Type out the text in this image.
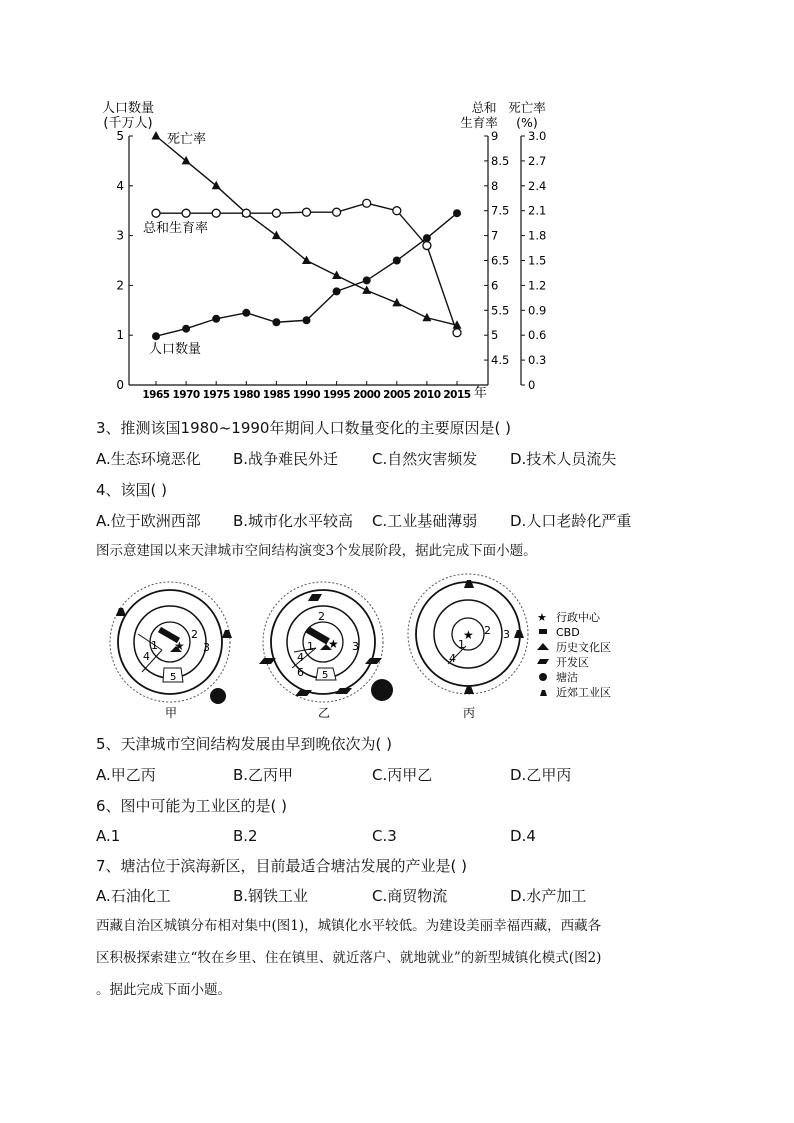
0
1
2
3
4
5
4.5
5
5.5
6
6.5
7
7.5
8
8.5
9
0
0.3
0.6
0.9
1.2
1.5
1.8
2.1
2.4
2.7
3.0
1965 1970 1975 1980 1985 1990 1995 2000 2005 2010 2015 年
人口数量
(千万人)
总和
生育率
死亡率
(%)
死亡率
总和生育率
人口数量
3、推测该国1980~1990年期间人口数量变化的主要原因是( )
A.生态环境恶化 B.战争难民外迁 C.自然灾害频发 D.技术人员流失
4、该国( )
A.位于欧洲西部 B.城市化水平较高 C.工业基础薄弱 D.人口老龄化严重
图示意建国以来天津城市空间结构演变3个发展阶段，据此完成下面小题。
★
1
2
3
4
5
甲
★
2
1	3
4
6 5
乙
★
1
2 3
4
丙
★ 行政中心
CBD
历史文化区
开发区
塘沽
近郊工业区
5、天津城市空间结构发展由早到晚依次为( )
A.甲乙丙	B.乙丙甲	C.丙甲乙	D.乙甲丙
6、图中可能为工业区的是( )
A.1	B.2	C.3	D.4
7、塘沽位于滨海新区，目前最适合塘沽发展的产业是( )
A.石油化工	B.钢铁工业	C.商贸物流	D.水产加工
西藏自治区城镇分布相对集中(图1)，城镇化水平较低。为建设美丽幸福西藏，西藏各
区积极探索建立“牧在乡里、住在镇里、就近落户、就地就业”的新型城镇化模式(图2)
。据此完成下面小题。
